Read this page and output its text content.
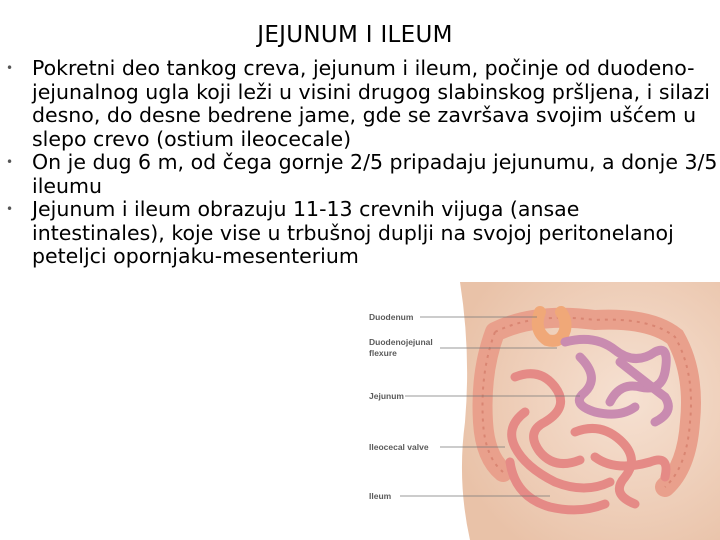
JEJUNUM I ILEUM
• Pokretni deo tankog creva, jejunum i ileum, počinje od duodeno-jejunalnog ugla koji leži u visini drugog slabinskog pršljena, i silazi desno, do desne bedrene jame, gde se završava svojim ušćem u slepo crevo (ostium ileocecale)
• On je dug 6 m, od čega gornje 2/5 pripadaju jejunumu, a donje 3/5 ileumu
• Jejunum i ileum obrazuju 11-13 crevnih vijuga (ansae intestinales), koje vise u trbušnoj duplji na svojoj peritonelanoj peteljci opornjaku-mesenterium
Duodenum
Duodenojejunal
flexure
Jejunum
Ileocecal valve
Ileum
